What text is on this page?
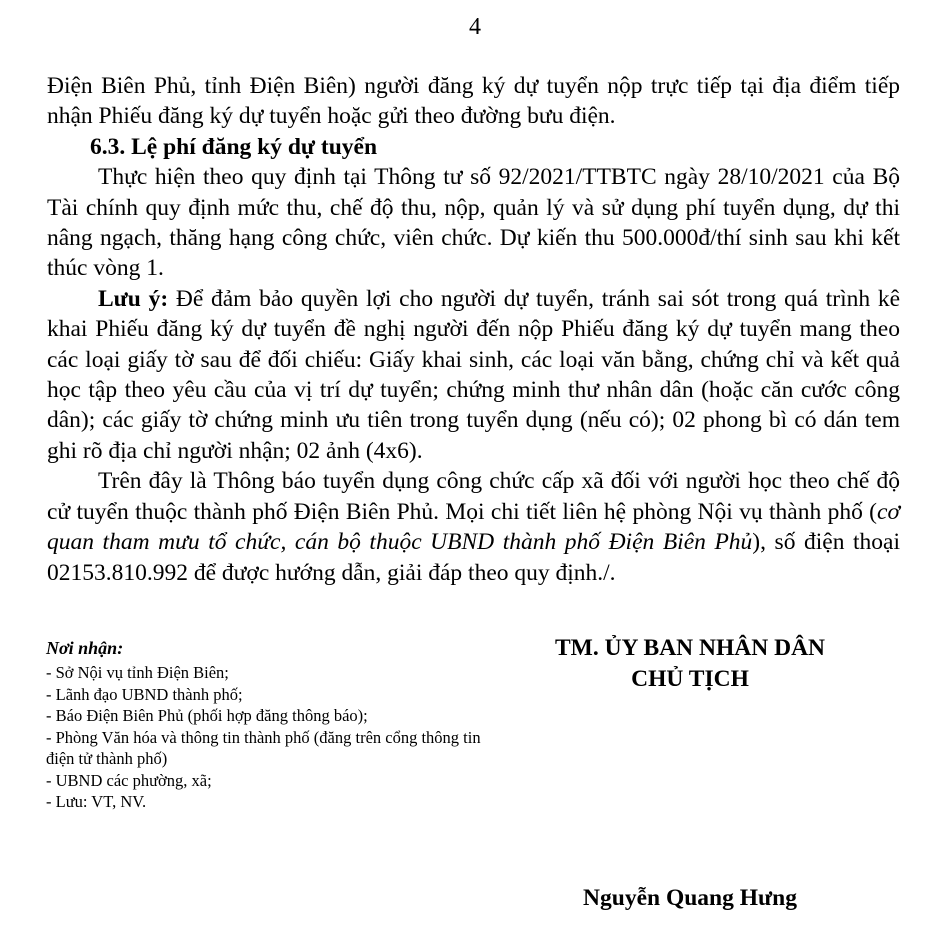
4

Điện Biên Phủ, tỉnh Điện Biên) người đăng ký dự tuyển nộp trực tiếp tại địa điểm tiếp nhận Phiếu đăng ký dự tuyển hoặc gửi theo đường bưu điện.

6.3. Lệ phí đăng ký dự tuyển

Thực hiện theo quy định tại Thông tư số 92/2021/TTBTC ngày 28/10/2021 của Bộ Tài chính quy định mức thu, chế độ thu, nộp, quản lý và sử dụng phí tuyển dụng, dự thi nâng ngạch, thăng hạng công chức, viên chức. Dự kiến thu 500.000đ/thí sinh sau khi kết thúc vòng 1.

Lưu ý: Để đảm bảo quyền lợi cho người dự tuyển, tránh sai sót trong quá trình kê khai Phiếu đăng ký dự tuyển đề nghị người đến nộp Phiếu đăng ký dự tuyển mang theo các loại giấy tờ sau để đối chiếu: Giấy khai sinh, các loại văn bằng, chứng chỉ và kết quả học tập theo yêu cầu của vị trí dự tuyển; chứng minh thư nhân dân (hoặc căn cước công dân); các giấy tờ chứng minh ưu tiên trong tuyển dụng (nếu có); 02 phong bì có dán tem ghi rõ địa chỉ người nhận; 02 ảnh (4x6).

Trên đây là Thông báo tuyển dụng công chức cấp xã đối với người học theo chế độ cử tuyển thuộc thành phố Điện Biên Phủ. Mọi chi tiết liên hệ phòng Nội vụ thành phố (cơ quan tham mưu tổ chức, cán bộ thuộc UBND thành phố Điện Biên Phủ), số điện thoại 02153.810.992 để được hướng dẫn, giải đáp theo quy định./.

Nơi nhận:
- Sở Nội vụ tỉnh Điện Biên;
- Lãnh đạo UBND thành phố;
- Báo Điện Biên Phủ (phối hợp đăng thông báo);
- Phòng Văn hóa và thông tin thành phố (đăng trên cổng thông tin điện tử thành phố)
- UBND các phường, xã;
- Lưu: VT, NV.
TM. ỦY BAN NHÂN DÂN
CHỦ TỊCH
Nguyễn Quang Hưng
